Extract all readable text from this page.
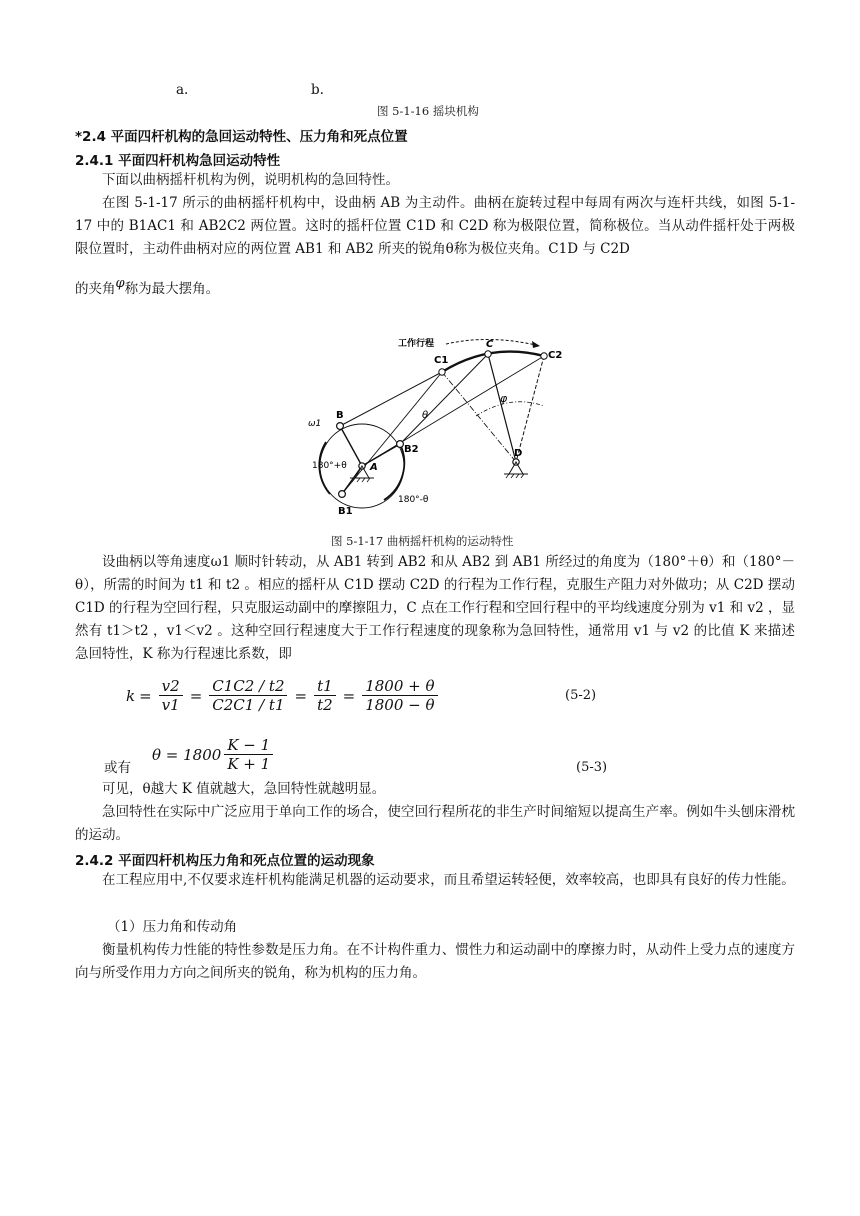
a.	b.
图 5-1-16 摇块机构
*2.4 平面四杆机构的急回运动特性、压力角和死点位置
2.4.1 平面四杆机构急回运动特性
下面以曲柄摇杆机构为例，说明机构的急回特性。
在图 5-1-17 所示的曲柄摇杆机构中，设曲柄 AB 为主动件。曲柄在旋转过程中每周有两次与连杆共线，如图 5-1-17 中的 B1AC1 和 AB2C2 两位置。这时的摇杆位置 C1D 和 C2D 称为极限位置，简称极位。当从动件摇杆处于两极限位置时，主动件曲柄对应的两位置 AB1 和 AB2 所夹的锐角θ称为极位夹角。C1D 与 C2D
的夹角φ称为最大摆角。
工作行程
C1
C
C2
B
B2
B1
A
D
ω1
θ
φ
180°+θ
180°-θ
图 5-1-17 曲柄摇杆机构的运动特性
设曲柄以等角速度ω1 顺时针转动，从 AB1 转到 AB2 和从 AB2 到 AB1 所经过的角度为（180°＋θ）和（180°－θ），所需的时间为 t1 和 t2 。相应的摇杆从 C1D 摆动 C2D 的行程为工作行程，克服生产阻力对外做功；从 C2D 摆动 C1D 的行程为空回行程，只克服运动副中的摩擦阻力，C 点在工作行程和空回行程中的平均线速度分别为 v1 和 v2 ，显然有 t1＞t2 ，v1＜v2 。这种空回行程速度大于工作行程速度的现象称为急回特性，通常用 v1 与 v2 的比值 K 来描述急回特性，K 称为行程速比系数，即
$k = \frac{v2}{v1} = \frac{C1C2 / t2}{C2C1 / t1} = \frac{t1}{t2} = \frac{1800 + \theta}{1800 - \theta}$	(5-2)
$\theta = 1800 \frac{K - 1}{K + 1}$
或有	(5-3)
可见，θ越大 K 值就越大，急回特性就越明显。
急回特性在实际中广泛应用于单向工作的场合，使空回行程所花的非生产时间缩短以提高生产率。例如牛头刨床滑枕的运动。
2.4.2 平面四杆机构压力角和死点位置的运动现象
在工程应用中,不仅要求连杆机构能满足机器的运动要求，而且希望运转轻便，效率较高，也即具有良好的传力性能。
（1）压力角和传动角
衡量机构传力性能的特性参数是压力角。在不计构件重力、惯性力和运动副中的摩擦力时，从动件上受力点的速度方向与所受作用力方向之间所夹的锐角，称为机构的压力角。
